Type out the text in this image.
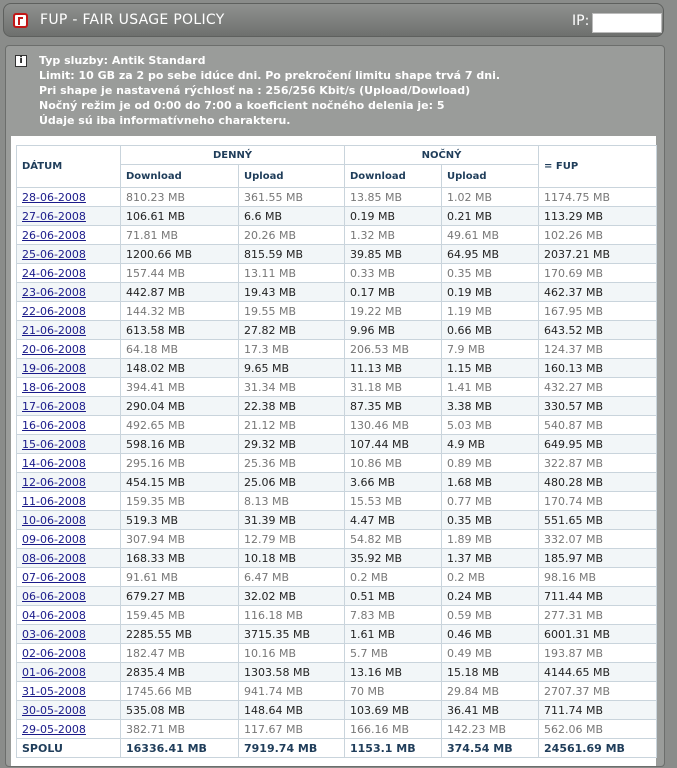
FUP - FAIR USAGE POLICY	IP:
i	Typ sluzby: Antik Standard
Limit: 10 GB za 2 po sebe idúce dni. Po prekročení limitu shape trvá 7 dni.
Pri shape je nastavená rýchlosť na : 256/256 Kbit/s (Upload/Dowload)
Nočný režim je od 0:00 do 7:00 a koeficient nočného delenia je: 5
Údaje sú iba informatívneho charakteru.
DÁTUM	DENNÝ		NOČNÝ		= FUP
	Download	Upload	Download	Upload	
28-06-2008	810.23 MB	361.55 MB	13.85 MB	1.02 MB	1174.75 MB
27-06-2008	106.61 MB	6.6 MB	0.19 MB	0.21 MB	113.29 MB
26-06-2008	71.81 MB	20.26 MB	1.32 MB	49.61 MB	102.26 MB
25-06-2008	1200.66 MB	815.59 MB	39.85 MB	64.95 MB	2037.21 MB
24-06-2008	157.44 MB	13.11 MB	0.33 MB	0.35 MB	170.69 MB
23-06-2008	442.87 MB	19.43 MB	0.17 MB	0.19 MB	462.37 MB
22-06-2008	144.32 MB	19.55 MB	19.22 MB	1.19 MB	167.95 MB
21-06-2008	613.58 MB	27.82 MB	9.96 MB	0.66 MB	643.52 MB
20-06-2008	64.18 MB	17.3 MB	206.53 MB	7.9 MB	124.37 MB
19-06-2008	148.02 MB	9.65 MB	11.13 MB	1.15 MB	160.13 MB
18-06-2008	394.41 MB	31.34 MB	31.18 MB	1.41 MB	432.27 MB
17-06-2008	290.04 MB	22.38 MB	87.35 MB	3.38 MB	330.57 MB
16-06-2008	492.65 MB	21.12 MB	130.46 MB	5.03 MB	540.87 MB
15-06-2008	598.16 MB	29.32 MB	107.44 MB	4.9 MB	649.95 MB
14-06-2008	295.16 MB	25.36 MB	10.86 MB	0.89 MB	322.87 MB
12-06-2008	454.15 MB	25.06 MB	3.66 MB	1.68 MB	480.28 MB
11-06-2008	159.35 MB	8.13 MB	15.53 MB	0.77 MB	170.74 MB
10-06-2008	519.3 MB	31.39 MB	4.47 MB	0.35 MB	551.65 MB
09-06-2008	307.94 MB	12.79 MB	54.82 MB	1.89 MB	332.07 MB
08-06-2008	168.33 MB	10.18 MB	35.92 MB	1.37 MB	185.97 MB
07-06-2008	91.61 MB	6.47 MB	0.2 MB	0.2 MB	98.16 MB
06-06-2008	679.27 MB	32.02 MB	0.51 MB	0.24 MB	711.44 MB
04-06-2008	159.45 MB	116.18 MB	7.83 MB	0.59 MB	277.31 MB
03-06-2008	2285.55 MB	3715.35 MB	1.61 MB	0.46 MB	6001.31 MB
02-06-2008	182.47 MB	10.16 MB	5.7 MB	0.49 MB	193.87 MB
01-06-2008	2835.4 MB	1303.58 MB	13.16 MB	15.18 MB	4144.65 MB
31-05-2008	1745.66 MB	941.74 MB	70 MB	29.84 MB	2707.37 MB
30-05-2008	535.08 MB	148.64 MB	103.69 MB	36.41 MB	711.74 MB
29-05-2008	382.71 MB	117.67 MB	166.16 MB	142.23 MB	562.06 MB
SPOLU	16336.41 MB	7919.74 MB	1153.1 MB	374.54 MB	24561.69 MB
